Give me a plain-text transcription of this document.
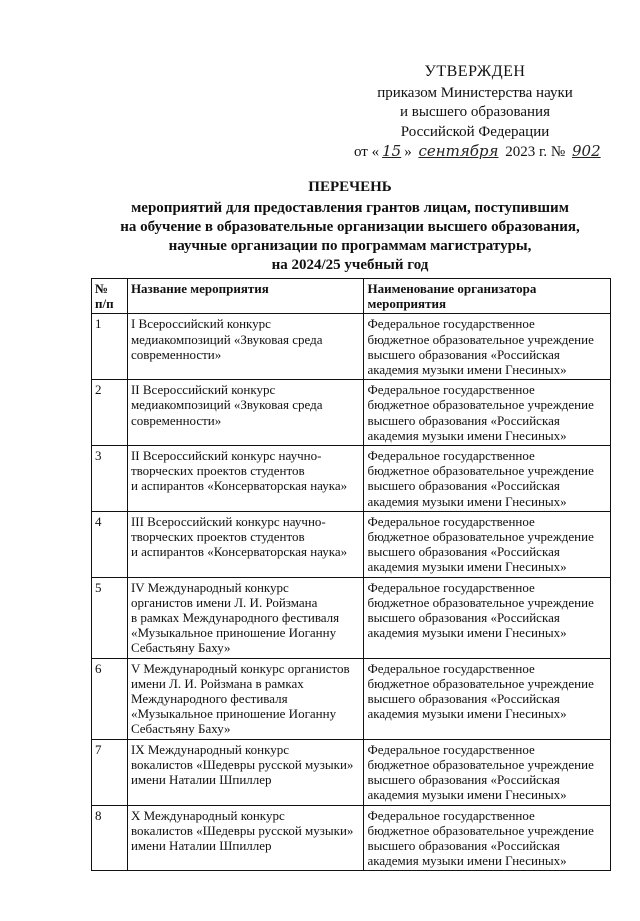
УТВЕРЖДЕН
приказом Министерства науки
и высшего образования
Российской Федерации
от « 15 » сентября 2023 г. № 902
ПЕРЕЧЕНЬ
мероприятий для предоставления грантов лицам, поступившим
на обучение в образовательные организации высшего образования,
научные организации по программам магистратуры,
на 2024/25 учебный год
№
п/п	Название мероприятия	Наименование организатора
мероприятия
1	I Всероссийский конкурс
медиакомпозиций «Звуковая среда
современности»	Федеральное государственное
бюджетное образовательное учреждение
высшего образования «Российская
академия музыки имени Гнесиных»
2	II Всероссийский конкурс
медиакомпозиций «Звуковая среда
современности»	Федеральное государственное
бюджетное образовательное учреждение
высшего образования «Российская
академия музыки имени Гнесиных»
3	II Всероссийский конкурс научно-
творческих проектов студентов
и аспирантов «Консерваторская наука»	Федеральное государственное
бюджетное образовательное учреждение
высшего образования «Российская
академия музыки имени Гнесиных»
4	III Всероссийский конкурс научно-
творческих проектов студентов
и аспирантов «Консерваторская наука»	Федеральное государственное
бюджетное образовательное учреждение
высшего образования «Российская
академия музыки имени Гнесиных»
5	IV Международный конкурс
органистов имени Л. И. Ройзмана
в рамках Международного фестиваля
«Музыкальное приношение Иоганну
Себастьяну Баху»	Федеральное государственное
бюджетное образовательное учреждение
высшего образования «Российская
академия музыки имени Гнесиных»
6	V Международный конкурс органистов
имени Л. И. Ройзмана в рамках
Международного фестиваля
«Музыкальное приношение Иоганну
Себастьяну Баху»	Федеральное государственное
бюджетное образовательное учреждение
высшего образования «Российская
академия музыки имени Гнесиных»
7	IX Международный конкурс
вокалистов «Шедевры русской музыки»
имени Наталии Шпиллер	Федеральное государственное
бюджетное образовательное учреждение
высшего образования «Российская
академия музыки имени Гнесиных»
8	X Международный конкурс
вокалистов «Шедевры русской музыки»
имени Наталии Шпиллер	Федеральное государственное
бюджетное образовательное учреждение
высшего образования «Российская
академия музыки имени Гнесиных»
